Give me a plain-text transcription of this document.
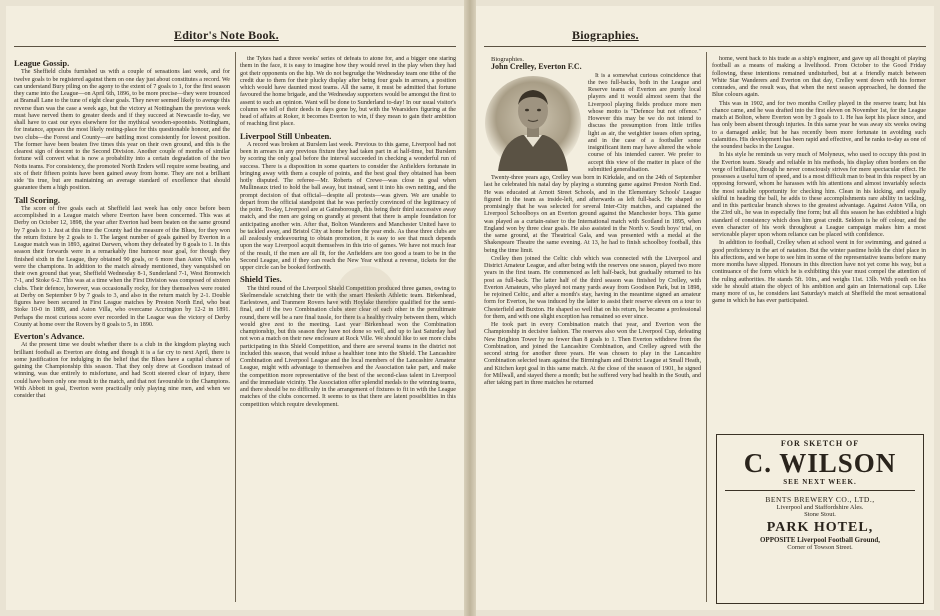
Editor's Note Book.
League Gossip.

The Sheffield clubs furnished us with a couple of sensations last week, and for twelve goals to be registered against them on one day just about constitutes a record. We can understand Bury piling on the agony to the extent of 7 goals to 1, for the first season they came into the League—on April 6th, 1896, to be more precise—they were trounced at Bramall Lane to the tune of eight clear goals. They never seemed likely to avenge this reverse than was the case a week ago, but the victory at Nottingham the previous week must have nerved them to greater deeds and if they succeed at Newcastle to-day, we shall have to cast our eyes elsewhere for the mythical wooden-spoonists. Nottingham, for instance, appears the most likely resting-place for this questionable honour, and the two clubs—the Forest and County—are battling most consistently for lowest position. The former have been beaten five times this year on their own ground, and this is the clearest sign of descent to the Second Division. Another couple of months of similar fortune will convert what is now a probability into a certain degradation of the two Notts teams. For consistency, the promoted North Enders will require some beating, and six of their fifteen points have been gained away from home. They are not a brilliant side 'tis true, but are maintaining an average standard of excellence that should guarantee them a high position.

Tall Scoring.

The score of five goals each at Sheffield last week has only once before been accomplished in a League match where Everton have been concerned. This was at Derby on October 12, 1898, the year after Everton had been beaten on the same ground by 7 goals to 1. Just at this time the County had the measure of the Blues, for they won the return fixture by 2 goals to 1. The largest number of goals gained by Everton in a League match was in 1893, against Darwen, whom they defeated by 8 goals to 1. In this season their forwards were in a remarkably fine humour near goal, for though they finished sixth in the League, they obtained 90 goals, or 6 more than Aston Villa, who were the champions. In addition to the match already mentioned, they vanquished on their own ground that year, Sheffield Wednesday 8-1, Sunderland 7-1, West Bromwich 7-1, and Stoke 6-2. This was at a time when the First Division was composed of sixteen clubs. Their defence, however, was occasionally rocky, for they themselves were routed at Derby on September 9 by 7 goals to 3, and also in the return match by 2-1. Double figures have been secured in First League matches by Preston North End, who beat Stoke 10-0 in 1889, and Aston Villa, who overcame Accrington by 12-2 in 1891. Perhaps the most curious score ever recorded in the League was the victory of Derby County at home over the Rovers by 8 goals to 5, in 1890.

Everton's Advance.

At the present time we doubt whether there is a club in the kingdom playing such brilliant football as Everton are doing and though it is a far cry to next April, there is some justification for indulging in the belief that the Blues have a capital chance of gaining the Championship this season. That they only drew at Goodison instead of winning, was due entirely to misfortune, and had Scott steered clear of injury, there could have been only one result to the match, and that not favourable to the Champions. With Abbott in goal, Everton were practically only playing nine men, and when we consider that

the Tykes had a three weeks' series of defeats to atone for, and a bigger one staring them in the face, it is easy to imagine how they would revel in the play when they had got their opponents on the hip. We do not begrudge the Wednesday team one tithe of the credit due to them for their plucky display after being four goals in arrears, a position which would have daunted most teams. All the same, it must be admitted that fortune favoured the home brigade, and the Wednesday supporters would be amongst the first to assent to such an opinion. Want will be done to Sunderland to-day! In our usual visitor's column we tell of their deeds in days gone by, but with the Wearsiders figuring at the head of affairs at Roker, it becomes Everton to win, if they mean to gain their ambition of reaching first place.

Liverpool Still Unbeaten.

A record was broken at Burslem last week. Previous to this game, Liverpool had not been in arrears in any previous fixture they had taken part in at half-time, but Burslem by scoring the only goal before the interval succeeded in checking a wonderful run of success. There is a disposition in some quarters to consider the Anfielders fortunate in bringing away with them a couple of points, and the best goal they obtained has been hotly disputed. The referee—Mr. Roberts of Crewe—was close in goal when Mullineaux tried to hold the ball away, but instead, sent it into his own netting, and the prompt decision of that official—despite all protests—was given. We are unable to depart from the official standpoint that he was perfectly convinced of the legitimacy of the point. To-day, Liverpool are at Gainsborough, this being their third successive away match, and the men are going on grandly at present that there is ample foundation for anticipating another win. After that, Bolton Wanderers and Manchester United have to be tackled away, and Bristol City at home before the year ends. As these three clubs are all zealously endeavouring to obtain promotion, it is easy to see that much depends upon the way Liverpool acquit themselves in this trio of games. We have not much fear of the result, if the men are all fit, for the Anfielders are too good a team to be in the Second League, and if they can reach the New Year without a reverse, tickets for the upper circle can be booked forthwith.

Shield Ties.

The third round of the Liverpool Shield Competition produced three games, owing to Skelmersdale scratching their tie with the smart Hesketh Athletic team. Birkenhead, Earlestown, and Tranmere Rovers have with Hoylake therefore qualified for the semi-final, and if the two Combination clubs steer clear of each other in the penultimate round, there will be a rare final tussle, for there is a healthy rivalry between them, which would give zest to the meeting. Last year Birkenhead won the Combination championship, but this season they have not done so well, and up to last Saturday had not won a match on their new enclosure at Rock Ville. We should like to see more clubs participating in this Shield Competition, and there are several teams in the district not included this season, that would infuse a healthier tone into the Shield. The Lancashire Combination and Liverpool League and the local members of the Lancashire Amateur League, might with advantage to themselves and the Association take part, and make the competition more representative of the best of the second-class talent in Liverpool and the immediate vicinity. The Association offer splendid medals to the winning teams, and there should be no difficulty in the arrangement of fixtures to fit in with the League matches of the clubs concerned. It seems to us that there are latent possibilities in this competition which require development.

Biographies.

Biographies.

John Crelley, Everton F.C.

It is a somewhat curious coincidence that the two full-backs, both in the League and Reserve teams of Everton are purely local players and it would almost seem that the Liverpool playing fields produce more men whose motto is "Defence but not offence." However this may be we do not intend to discuss the presumption from little trifles light as air, the weightier issues often spring, and in the case of a footballer some insignificant item may have altered the whole course of his intended career. We prefer to accept this view of the matter in place of the submitted generalisation.

Twenty-three years ago, Crelley was born in Kirkdale, and on the 24th of September last he celebrated his natal day by playing a stunning game against Preston North End. He was educated at Arnott Street Schools, and in the Elementary Schools' League figured in the team as inside-left, and afterwards as left full-back. He shaped so promisingly that he was selected for several Inter-City matches, and captained the Liverpool Schoolboys on an Everton ground against the Manchester boys. This game was played as a curtain-raiser to the International match with Scotland in 1895, when England won by three clear goals. He also assisted in the North v. South boys' trial, on the same ground, at the Theatrical Gala, and was presented with a medal at the Shakespeare Theatre the same evening. At 13, he had to finish schoolboy football, this being the time limit.

Crelley then joined the Celtic club which was connected with the Liverpool and District Amateur League, and after being with the reserves one season, played two more years in the first team. He commenced as left half-back, but gradually returned to his post as full-back. The latter half of the third season was finished by Crelley, with Everton Amateurs, who played not many yards away from Goodison Park, but in 1898, he rejoined Celtic, and after a month's stay, having in the meantime signed an amateur form for Everton, he was induced by the latter to assist their reserve eleven on a tour to Chesterfield and Buxton. He shaped so well that on his return, he became a professional for them, and with one slight exception has remained so ever since.

He took part in every Combination match that year, and Everton won the Championship in decisive fashion. The reserves also won the Liverpool Cup, defeating New Brighton Tower by no fewer than 8 goals to 1. Then Everton withdrew from the Combination, and joined the Lancashire Combination, and Crelley agreed with the second string for another three years. He was chosen to play in the Lancashire Combination selected team against the Birmingham and District League at Small Heath, and Kitchen kept goal in this same match. At the close of the season of 1901, he signed for Millwall, and stayed there a month; but he suffered very bad health in the South, and after taking part in three matches he returned

home, went back to his trade as a ship's engineer, and gave up all thought of playing football as a means of making a livelihood. From October to the Good Friday following, these intentions remained undisturbed, but at a friendly match between White Star Wanderers and Everton on that day, Crelley went down with his former comrades, and the result was, that when the next season approached, he donned the Blue colours again.

This was in 1902, and for two months Crelley played in the reserve team; but his chance came, and he was drafted into the first eleven on November 1st, for the League match at Bolton, where Everton won by 3 goals to 1. He has kept his place since, and has only been absent through injuries. In this same year he was away six weeks owing to a damaged ankle; but he has recently been more fortunate in avoiding such calamities. His development has been rapid and effective, and he ranks to-day as one of the soundest backs in the League.

In his style he reminds us very much of Molyneux, who used to occupy this post in the Everton team. Steady and reliable in his methods, his display often borders on the verge of brilliance, though he never consciously strives for mere spectacular effect. He possesses a useful turn of speed, and is a most difficult man to beat in this respect by an opposing forward, whom he harasses with his attentions and almost invariably selects the most suitable opportunity for checking him. Clean in his kicking, and equally skilful in heading the ball, he adds to these accomplishments rare ability in tackling, and in this particular branch shows to the greatest advantage. Against Aston Villa, on the 23rd ult., he was in especially fine form; but all this season he has exhibited a high standard of consistency which does him great credit. Seldom is he off colour, and the even character of his work throughout a League campaign makes him a most serviceable player upon whom reliance can be placed with confidence.

In addition to football, Crelley when at school went in for swimming, and gained a good proficiency in the art of natation. But the winter pastime holds the chief place in his affections, and we hope to see him in some of the representative teams before many more months have slipped. Honours in this direction have not yet come his way, but a continuance of the form which he is exhibiting this year must compel the attention of the ruling authorities. He stands 5ft. 10in., and weighs 11st. 13lb. With youth on his side he should attain the object of his ambition and gain an International cap. Like many more of us, he considers last Saturday's match at Sheffield the most sensational game in which he has ever participated.

FOR SKETCH OF
C. WILSON
SEE NEXT WEEK.
BENTS BREWERY CO., LTD.,
Liverpool and Staffordshire Ales.
Stone Stout.
PARK HOTEL,
OPPOSITE Liverpool Football Ground,
Corner of Towson Street.
